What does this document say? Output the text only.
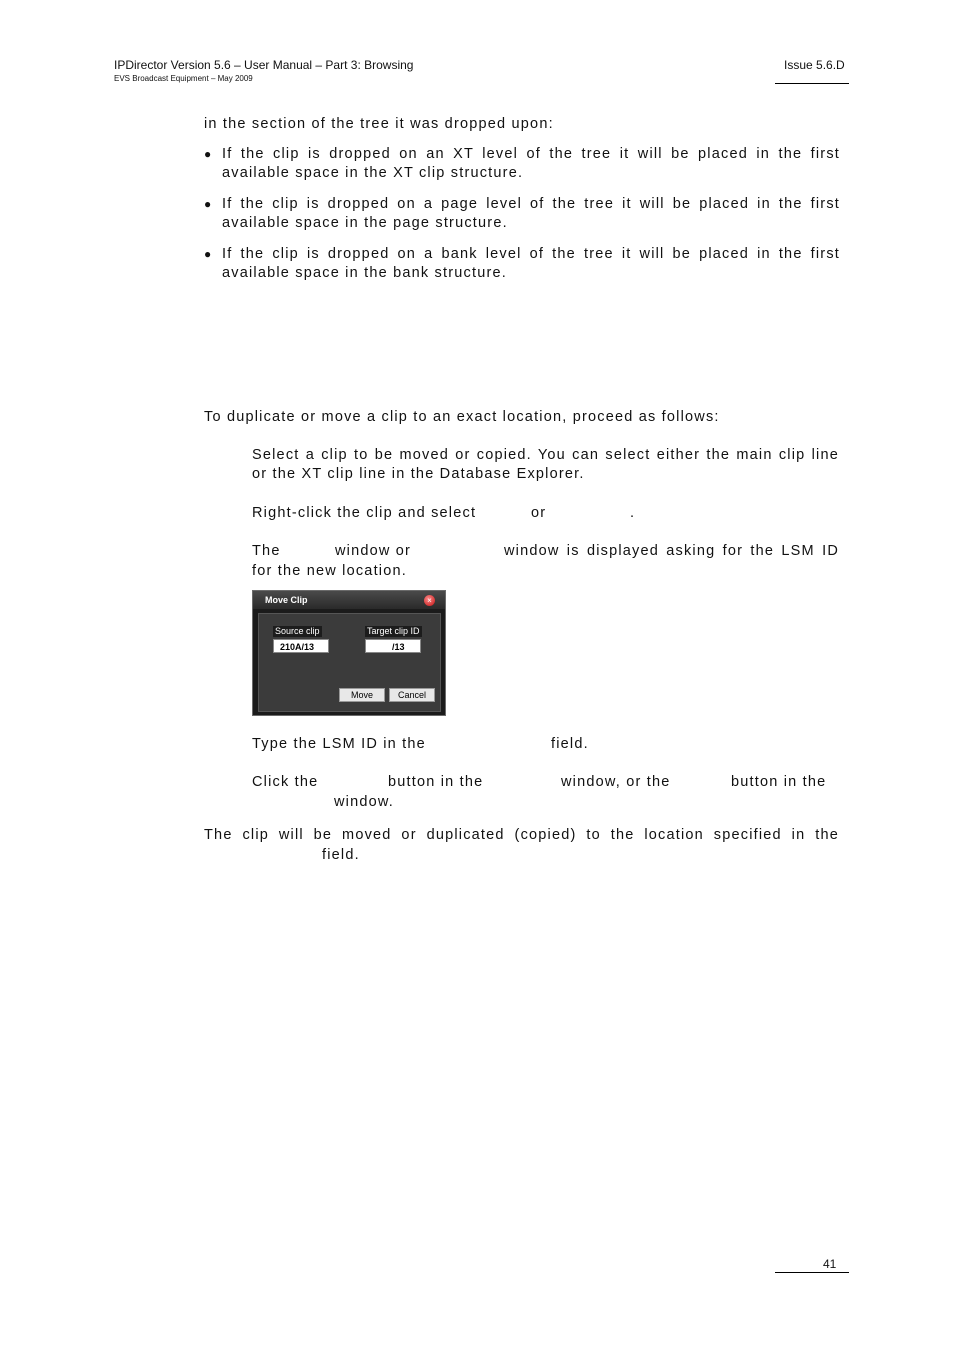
IPDirector Version 5.6 – User Manual – Part 3: Browsing
EVS Broadcast Equipment – May 2009
Issue 5.6.D
in the section of the tree it was dropped upon:
● If the clip is dropped on an XT level of the tree it will be placed in the first available space in the XT clip structure.
● If the clip is dropped on a page level of the tree it will be placed in the first available space in the page structure.
● If the clip is dropped on a bank level of the tree it will be placed in the first available space in the bank structure.
To duplicate or move a clip to an exact location, proceed as follows:
Select a clip to be moved or copied. You can select either the main clip line or the XT clip line in the Database Explorer.
Right-click the clip and select	or	.
The	window or	window is displayed asking for the LSM ID
for the new location.
Move Clip	×
Source clip
210A/13
Target clip ID
/13
Move	Cancel
Type the LSM ID in the	field.
Click the	button in the	window, or the	button in the
window.
The clip will be moved or duplicated (copied) to the location specified in the
field.
41
